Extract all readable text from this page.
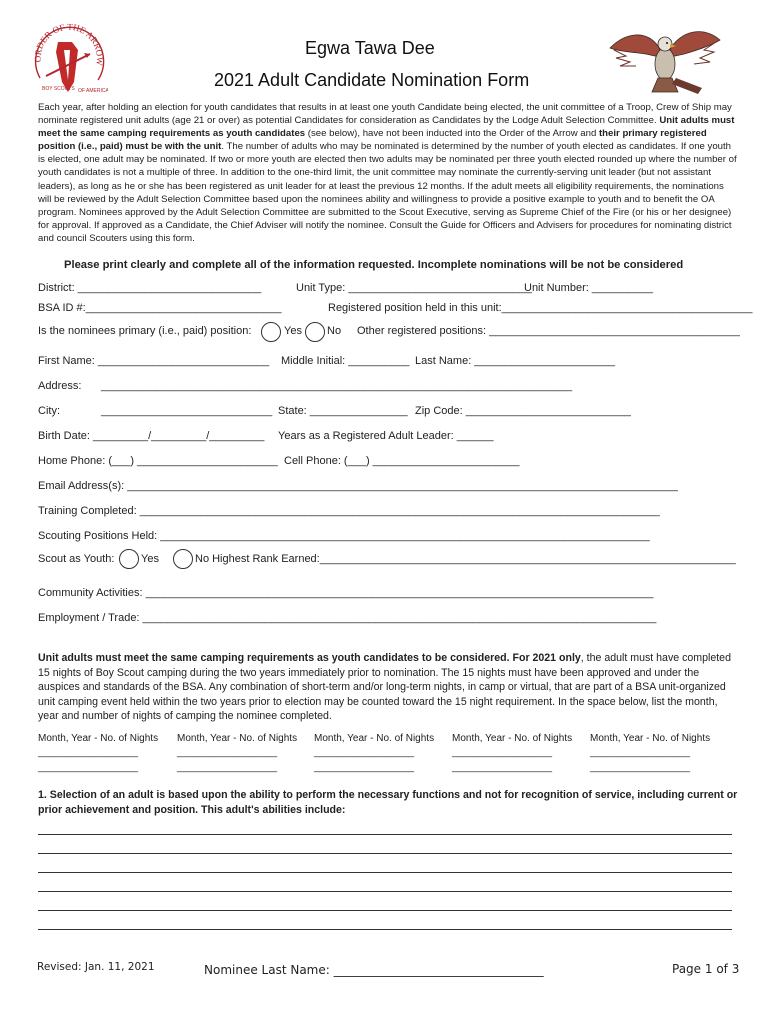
ORDER OF THE ARROW
BOY SCOUTS OF AMERICA
Egwa Tawa Dee
2021 Adult Candidate Nomination Form
Each year, after holding an election for youth candidates that results in at least one youth Candidate being elected, the unit committee of a Troop, Crew of Ship may nominate registered unit adults (age 21 or over) as potential Candidates for consideration as Candidates by the Lodge Adult Selection Committee. Unit adults must meet the same camping requirements as youth candidates (see below), have not been inducted into the Order of the Arrow and their primary registered position (i.e., paid) must be with the unit. The number of adults who may be nominated is determined by the number of youth elected as candidates. If one youth is elected, one adult may be nominated. If two or more youth are elected then two adults may be nominated per three youth elected rounded up where the number of youth candidates is not a multiple of three. In addition to the one-third limit, the unit committee may nominate the currently-serving unit leader (but not assistant leaders), as long as he or she has been registered as unit leader for at least the previous 12 months. If the adult meets all eligibility requirements, the nominations will be reviewed by the Adult Selection Committee based upon the nominees ability and willingness to provide a positive example to youth and to benefit the OA program. Nominees approved by the Adult Selection Committee are submitted to the Scout Executive, serving as Supreme Chief of the Fire (or his or her designee) for approval. If approved as a Candidate, the Chief Adviser will notify the nominee. Consult the Guide for Officers and Advisers for procedures for nominating district and council Scouters using this form.
Please print clearly and complete all of the information requested. Incomplete nominations will be not be considered
District: ______________________________	Unit Type: ______________________________
Unit Number: __________
BSA ID #:________________________________	Registered position held in this unit:_________________________________________
Is the nominees primary (i.e., paid) position:	Yes No Other registered positions: _________________________________________
First Name: ____________________________ Middle Initial: __________ Last Name: _______________________
Address: _____________________________________________________________________________
City:	____________________________ State: ________________ Zip Code: ___________________________
Birth Date: _________/_________/_________ Years as a Registered Adult Leader: ______
Home Phone: (___) _______________________ Cell Phone: (___) ________________________
Email Address(s): __________________________________________________________________________________________
Training Completed: _____________________________________________________________________________________
Scouting Positions Held: ________________________________________________________________________________
Scout as Youth: Yes	No Highest Rank Earned:____________________________________________________________________
Community Activities: ___________________________________________________________________________________
Employment / Trade: ____________________________________________________________________________________
Unit adults must meet the same camping requirements as youth candidates to be considered. For 2021 only, the adult must have completed 15 nights of Boy Scout camping during the two years immediately prior to nomination. The 15 nights must have been approved and under the auspices and standards of the BSA. Any combination of short-term and/or long-term nights, in camp or virtual, that are part of a BSA unit-organized unit camping event held within the two years prior to election may be counted toward the 15 night requirement. In the space below, list the month, year and number of nights of camping the nominee completed.
Month, Year - No. of Nights Month, Year - No. of Nights Month, Year - No. of Nights Month, Year - No. of Nights Month, Year - No. of Nights
__________________	__________________	__________________	__________________	__________________
__________________	__________________	__________________	__________________	__________________
1. Selection of an adult is based upon the ability to perform the necessary functions and not for recognition of service, including current or prior achievement and position. This adult's abilities include:
Revised: Jan. 11, 2021	Nominee Last Name: ___________________________________	Page 1 of 3
